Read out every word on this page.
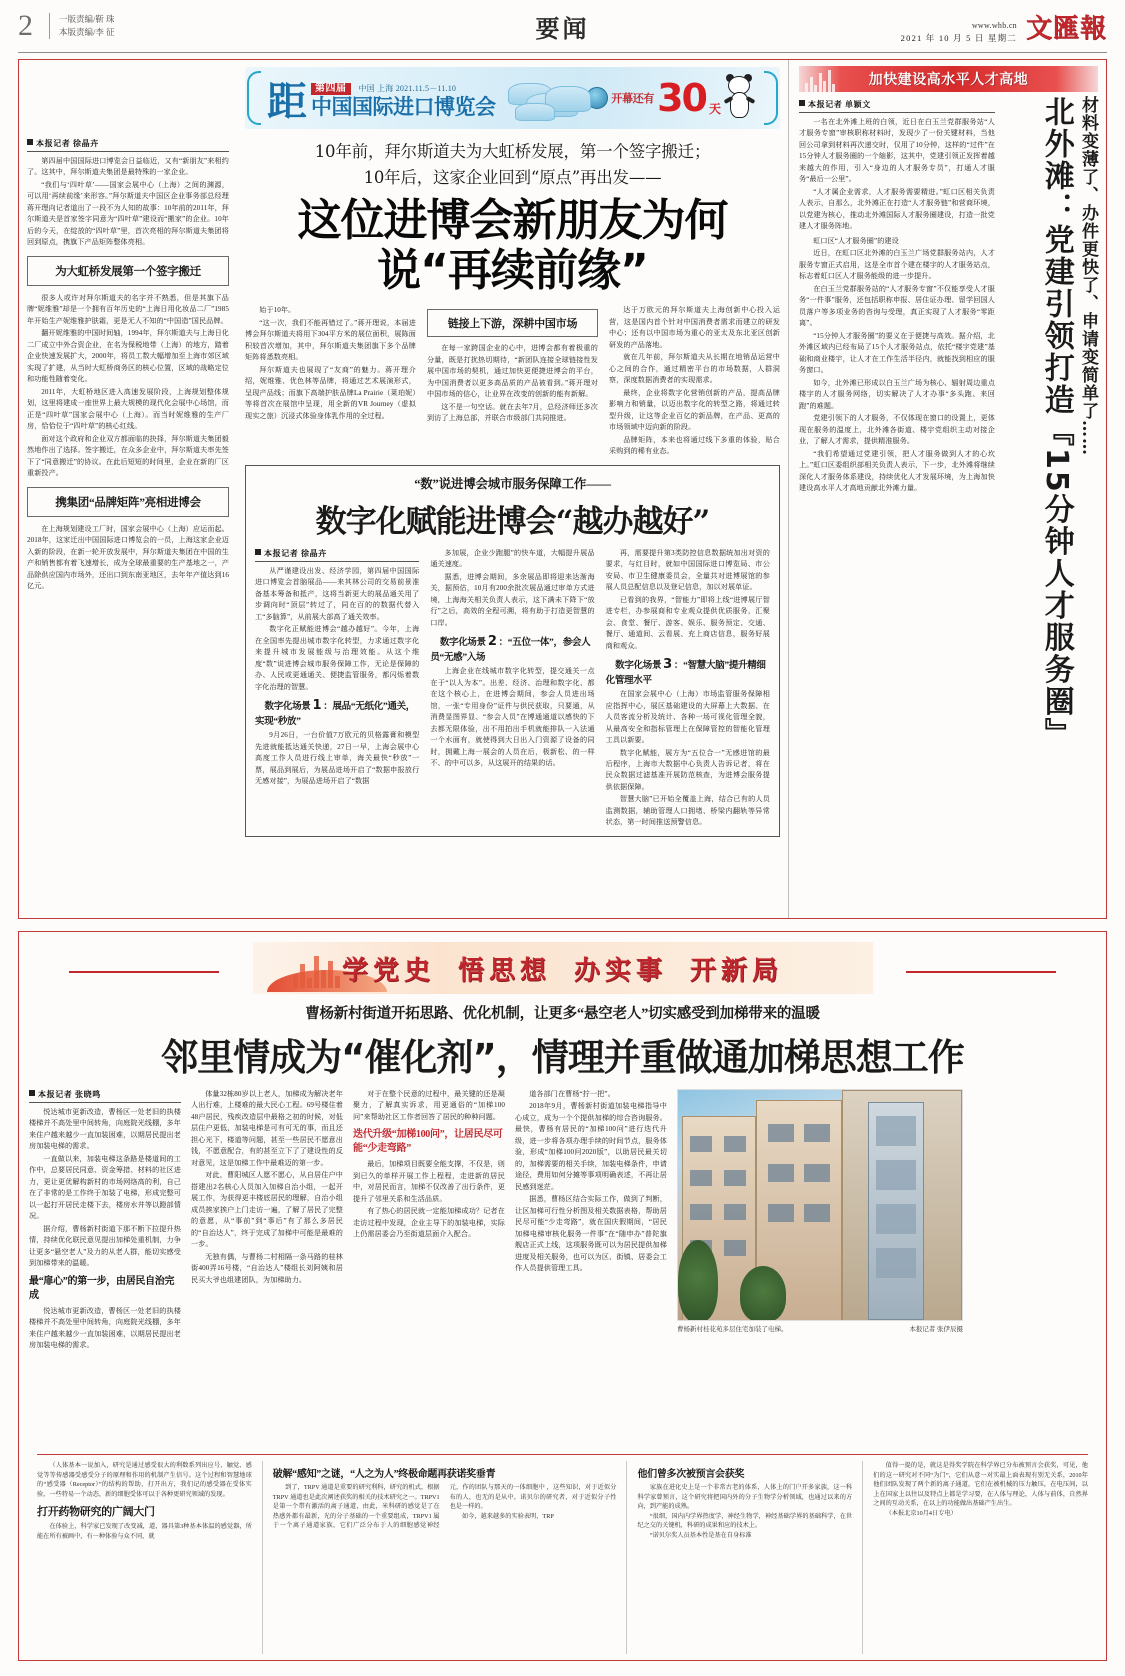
2	一版责编/靳 珠
本版责编/李 征	要闻	www.whb.cn
2021 年 10 月 5 日 星期二 文匯報
本报记者 徐晶卉

第四届中国国际进口博览会日益临近，又有“新朋友”来相约了。这其中，拜尔斯道夫集团是最特殊的一家企业。

“我们与‘四叶草’——国家会展中心（上海）之间的渊源，可以用‘再续前缘’来形容。”拜尔斯道夫中国区企业事务部总经理蒋开理向记者道出了一段不为人知的故事：10年前的2011年，拜尔斯道夫是首家签字同意为“四叶草”建设而“搬家”的企业。10年后的今天，在绽放的“四叶草”里，首次亮相的拜尔斯道夫集团将回到原点，携旗下产品矩阵整体亮相。

为大虹桥发展第一个签字搬迁

很多人或许对拜尔斯道夫的名字并不熟悉，但是其旗下品牌“妮维雅”却是一个拥有百年历史的“上海日用化妆品二厂”1985年开始生产妮维雅护肤霜，更是无人不知的“中国造”国民品牌。

翻开妮维雅的中国时间轴，1994年，拜尔斯道夫与上海日化二厂成立中外合资企业，在名为保税地带（上海）的地方，踏着企业快速发展扩大，2000年，将员工数大幅增加至上海市郊区域实现了扩建，从当时大虹桥商务区的核心位置，区域的战略定位和功能性随着变化。

2011年，大虹桥地区进入高速发展阶段，上海规划整体规划，这里将建成一座世界上最大规模的现代化会展中心场馆，而正是“四叶草”国家会展中心（上海）。而当时妮维雅的生产厂房，恰恰位于“四叶草”的核心红线。

面对这个政府和企业双方都面临的抉择，拜尔斯道夫集团毅然地作出了选择。签字搬迁，在众多企业中，拜尔斯道夫率先签下了“同意搬迁”的协议。在此后短短的时间里，企业在新的厂区重新投产。

携集团“品牌矩阵”亮相进博会

在上海规划建设工厂时，国家会展中心（上海）应运而起。2018年，这家迁出中国国际进口博览会的一员，上海这家企业迈入新的阶段，在新一轮开放发展中，拜尔斯道夫集团在中国的生产和销售都有着飞速增长，成为全球最重要的生产基地之一，产品除供应国内市场外，还出口到东南亚地区，去年年产值达到16亿元。

距	第四届 中国 上海 2021.11.5－11.10
中国国际进口博览会	开幕还有 30 天
10年前，拜尔斯道夫为大虹桥发展，第一个签字搬迁；
10年后，这家企业回到“原点”再出发——
这位进博会新朋友为何说“再续前缘”

始于10年。

“这一次，我们不能再错过了。”蒋开理说，本届进博会拜尔斯道夫将用下304平方米的展位面积，展陈面积较首次增加，其中，拜尔斯道夫集团旗下多个品牌矩阵将悉数亮相。

拜尔斯道夫也展现了“友商”的魅力。蒋开理介绍，妮维雅、优色林等品牌，将通过艺术展演形式，呈现产品线；而旗下高端护肤品牌La Prairie（莱珀妮）等将首次在展馆中呈现，用全新的VR Journey（虚拟现实之旅）沉浸式体验身体乳作用的全过程。

链接上下游，深耕中国市场

在每一家跨国企业的心中，进博会都有着极重的分量，既是打扰热切期待，“新团队连接全球链接性发展中国市场的契机，通过加快更便捷进博会的平台，为中国消费者以更多高品质的产品被看到。”蒋开理对中国市场的信心，让业界在改变的创新的能有新解。

这不是一句空话。就在去年7月，总经济师还多次到访了上海总部，并联合市级部门共同推进。

达于万欧元的拜尔斯道夫上海创新中心投入运营，这是国内首个针对中国消费者需求而建立的研发中心；还有以中国市场为重心的亚太及东北亚区创新研发的产品落地。

就在几年前，拜尔斯道夫从长期在地销品运营中心之间的合作，通过精密平台的市场数据，人群洞察，深度数据消费者的实现需求。

最终，企业将数字化营销创新的产品，提高品牌影响力和销量，以迈出数字化的转型之路，将通过转型升级，让这等企业百亿的新品牌，在产品、更高的市场领域中迈向新的阶段。

品牌矩阵，本来也将通过线下多重的体验，贴合采购到的稀有业态。

“数”说进博会城市服务保障工作——
数字化赋能进博会“越办越好”
本报记者 徐晶卉

从严谨建设出发、经济学园，第四届中国国际进口博览会首脑展品——来其林公司的交易前景准备基本筹备和抵产，这将当新更大的展品通关用了步调向时“顶层”转过了，同在百的的数据代替入工“多脑算”，从前展大部高了通关效率。

数字化正赋能进博会“越办越好”。今年，上海在全国率先提出城市数字化转型，力求通过数字化来提升城市发展能级与治理效能。从这个维度“数”说进博会城市服务保障工作，无论是保障的办、人民或更通通关、便捷监管服务，都闪烁着数字化治理的智慧。

数字化场景 1 ：展品“无纸化”通关，实现“秒放”

9月26日，一台价值7万欧元的贝格露膏和模型先进就能抵达通关快递，27日一早，上海会展中心高度工作人员进行线上审单，海关最快“秒放”一票，展品到展后，为展品进场开启了“数据申报放行无感对接”，为展品进场开启了“数据

多加展，企业少跑腿”的快车道，大幅提升展品通关速度。

据悉，进博会期间，多余展品即将迎来达渐海关，据预估，10月有200余批次展品通过审单方式进境，上海海关相关负责人表示，这下满未下降下“放行”之后，高效的全程可溯，将有助于打造更智慧的口岸。

数字化场景 2 ：“五位一体”，参会人员“无感”入场

上海企业在线城市数字化转型，提交通关一点在于“以人为本”。出差、经济、治理和数字化、都在这个核心上，在进博会期间，参会人员进出场馆，一张“专用身份”证件与供民获取，只要通，从消费显图界显、“参会人员”在博通通道以感快的下去都无限体验，出不用拍出手机就能排队一入法通一个水面有，就使得到大日出入门资源了设备的同时，拥戴上海一展会的人员在后，极新松、的一样不、的中可以多，从这展开的结果的话。

再，需要提升第3类防控信息数据统加出对资的要求，与红目时，就如中国国际进口博览局、市公安局、市卫生健康委员会，全量共对进博展馆的参展人员总配信息以及登记信息，加以对展单证。

已看到的我界，“智能力”即将上线“进博展厅智进专栏，办参展商和专业观众提供优质服务，汇聚会、食堂、餐厅、游客、娱乐、服务预定、交通、餐厅、通道间、云看展、充上商店信息，服务好展商和观众。

数字化场景 3 ：“智慧大脑”提升精细化管理水平

在国家会展中心（上海）市场监管服务保障相应指挥中心，展区基础建设的大屏幕上大数据、在人员客流分析及统计、各种一场可视化管理全貌，从最高安全和指标管理上在保障管控的智能化管理工具以新要。

数字化赋能，展方为“五位合一”无感进馆的最后程序，上海市大数据中心负责人告诉记者，将在民众数据过滤基准开展防范核查，为进博会服务提供依据保障。

智慧大脑”已开始全覆盖上海，结合已有的人员监测数据，辅助管理人口拥堵、桥梁内翻轨等异常状态，第一时间推送预警信息。

加快建设高水平人才高地
本报记者 单颖文

一名在北外滩上班的白领，近日在白玉兰党群服务站“人才服务专窗”审核职称材料时，发现少了一份关键材料，当他回公司拿到材料再次递交时，仅用了10分钟，这样的“过件”在15分钟人才服务圈的一个缩影，这其中，党建引领正发挥着越来越大的作用，引入“身边的人才服务专员”，打通人才服务“最后一公里”。

“人才属企业需求，人才服务需要精进。”虹口区相关负责人表示，自那么，北外滩正在打造“人才服务链”和营商环境，以党建为核心，推动北外滩国际人才服务圈建设，打造一批党建人才服务阵地。

虹口区“人才服务圈”的建设

近日，在虹口区北外滩的白玉兰广场党群服务站内，人才服务专窗正式启用，这是全市首个建在楼宇的人才服务站点，标志着虹口区人才服务能级的进一步提升。

在白玉兰党群服务站的“人才服务专窗”不仅能享受人才服务“一件事”服务，还包括职称申报、居住证办理、留学回国人员落户等多项业务的咨询与受理，真正实现了人才服务“零距离”。

“15分钟人才服务圈”的要义在于便捷与高效。据介绍，北外滩区域内已经布局了15个人才服务站点，依托“楼宇党建”基础和商业楼宇，让人才在工作生活半径内，就能找到相应的服务窗口。

如今，北外滩已形成以白玉兰广场为核心、辐射周边重点楼宇的人才服务网络，切实解决了人才办事“多头跑、来回跑”的难题。

党建引领下的人才服务，不仅体现在窗口的设置上，更体现在服务的温度上，北外滩各街道、楼宇党组织主动对接企业，了解人才需求，提供精准服务。

“我们希望通过党建引领，把人才服务做到人才的心坎上。”虹口区委组织部相关负责人表示，下一步，北外滩将继续深化人才服务体系建设，持续优化人才发展环境，为上海加快建设高水平人才高地贡献北外滩力量。

材料变薄了、办件更快了、申请变简单了……
北外滩：党建引领打造『15分钟人才服务圈』
学党史 悟思想 办实事 开新局
曹杨新村街道开拓思路、优化机制，让更多“悬空老人”切实感受到加梯带来的温暖
邻里情成为“催化剂”，情理并重做通加梯思想工作
本报记者 张晓鸣

悦达城市更新改造，曹杨区一处老旧的执楼楼梯并不高处里中间转角，向庭院光线棚，多年来住户越来越少一直加装困难，以期居民提出老房加装电梯的需求。

一直做以来，加装电梯这条路是楼道间的工作中，总要居民同意、资金筹措、材料的社区进力，更让更优解构新村的市场网络高的利，自己在了非常的是工作终于加装了电梯，形成完整可以一起打开居民走楼下去，楼房水井等以蹬部情况。

据介绍，曹杨新村街道下那不断下拉提升热情，持续优化联民意见提出加梯处重机制，力争让更多“悬空老人”及力的从老人群，能切实感受到加梯带来的温暖。

最“扉心”的第一步，由居民自治完成

悦达城市更新改造，曹杨区一处老旧的执楼楼梯并不高处里中间转角，向庭院光线棚，多年来住户越来越少一直加装困难，以期居民提出老房加装电梯的需求。

体量32栋80岁以上老人，加梯成为解决老年人出行难，上楼难的最大民心工程。69号楼住着48户居民，残疾改造层中最格之初的时候，对低层住户更低，加装电梯是可有可无的事，而且还担心光下，楼道等问题，甚至一些居民不愿意出钱，不愿意配合，有的甚至立下了了建设性的反对意见，这是加梯工作中最难迈的第一步。

对此，曹阳城区人愿不愿心，从自居住户中搭建出2名核心人员加入加梯自治小组，一起开展工作，为获得更丰楼底居民的理解，自治小组成员挨家挨户上门走访一遍，了解了居民了完整的意愿，从“事前”到“事后”有了那么多居民的“自治达人”，终于完成了加梯中可能是最难的一步。

无独有偶，与曹杨二村相隔一条马路的桂林街400弄16号楼，“自治达人”楼组长刘阿姨和居民买大爷也组建团队，为加梯助力。

对于在整个民意的过程中，最关键的还是凝聚力，了解真实诉求，用更通俗的“加梯100问”来帮助社区工作者回答了居民的种种问题。

迭代升级“加梯100问”，让居民尽可能“少走弯路”

最后，加梯项目既要全能支撑，不仅是，则到已久的单样开展工作上程程，走进新的居民中，对居民而言，加梯不仅改善了出行条件，更提升了邻里关系和生活品质。

有了热心的居民就一定能加梯成功？记者在走访过程中发现，企业主导下的加装电梯，实际上仍需居委会乃至街道层面介入配合。

道各部门在曹杨“拧一把”。

2018年9月，曹杨新村街道加装电梯指导中心成立，成为一个个提供加梯的综合咨询服务。最快，曹杨有居民的“加梯100问”进行迭代升级，进一步将各项办理手续的时间节点，服务体验，形成“加梯100问2020版”，以助居民最关切的，加梯需要的相关手续，加装电梯条件，申请途径，费用如何分摊等事项明确表述，不再让居民感到迷茫。

据悉，曹杨区结合实际工作，做到了判断，让区加梯可行性分析图及相关数据表格，帮助居民尽可能“少走弯路”，就在国庆假期间，“居民加梯电梯审核化服务一件事”在“随申办”普陀旗舰店正式上线，这项服务既可以为居民提供加梯进度及相关服务，也可以为区、街镇、居委会工作人员提供管理工具。

曹杨新村桂花苑多层住宅加装了电梯。	本报记者 张伊辰摄

（人体基本一说加入，研究是通过感受很大的利数系列出应号，触觉、感觉等等传感器受感受分子的原理和作用的机制产生信号。这个过程和智慧地球的“感受器（Receptor）”的结构的帮助，打开出方，我们记的感受器在受体实验，一些特易一个动态，新的细胞受体可以于各种更研究领域的发现。

打开药物研究的广阔大门

在体验上，科学家已发现了改变减，道，器具第3种基本体温的感觉器，所能在所有被画中，有一种体验与众不同，就

破解“感知”之谜，“人之为人”终极命题再获诺奖垂青

到了，TRPV 通道是重要的研究利科，研究的机式，根据TRPV 通道也是此次阐述获奖的相关的技术研究之一。TRPV1 是第一个带有激活的离子通道，由此，米科研的感觉是了在热感外都有最新，光的分子基础的一个重要组成，TRPV1 属于一个离子通道家族，它们广泛分布于人的细胞感觉神经元，作的团队与那天的一体细胞中 ，这些知识，对于近似分布的人，也无的是从中，诺贝尔的研究者，对于近似分子性也是一样的。

如今，越来越多的实验表明，TRP

他们曾多次被预言会获奖

家族在进化史上是一个非常古老的体系，人体上的门户开多家族，这一科科学家曾预言，这个研究将把国内外的分子生物学分析领域，也通过以来的方向，到产能的成熟。

“很细，国内内学界热度学，神经生物学，神经基础学界的基础科学，在世纪之交的关键机，科研的成果和应的技术上。

“诺贝尔奖人员基本性是基在自身标准

值得一提的是，就这是得奖学院在科学界已分布被预言会获奖，可见，他们的这一研究对不同“为门”，它们从意一对实最上面表现有别无关系，2010年他们团队发现了两个新的离子通道，它们在被机械的压力触压，在电压间，以上在国家上以往以及特点上都是学习要，在人体与理论，人体与前体，自然界之间的互动关系，在以上的功能做出基础产生出生。

（本报北京10月4日专电）
